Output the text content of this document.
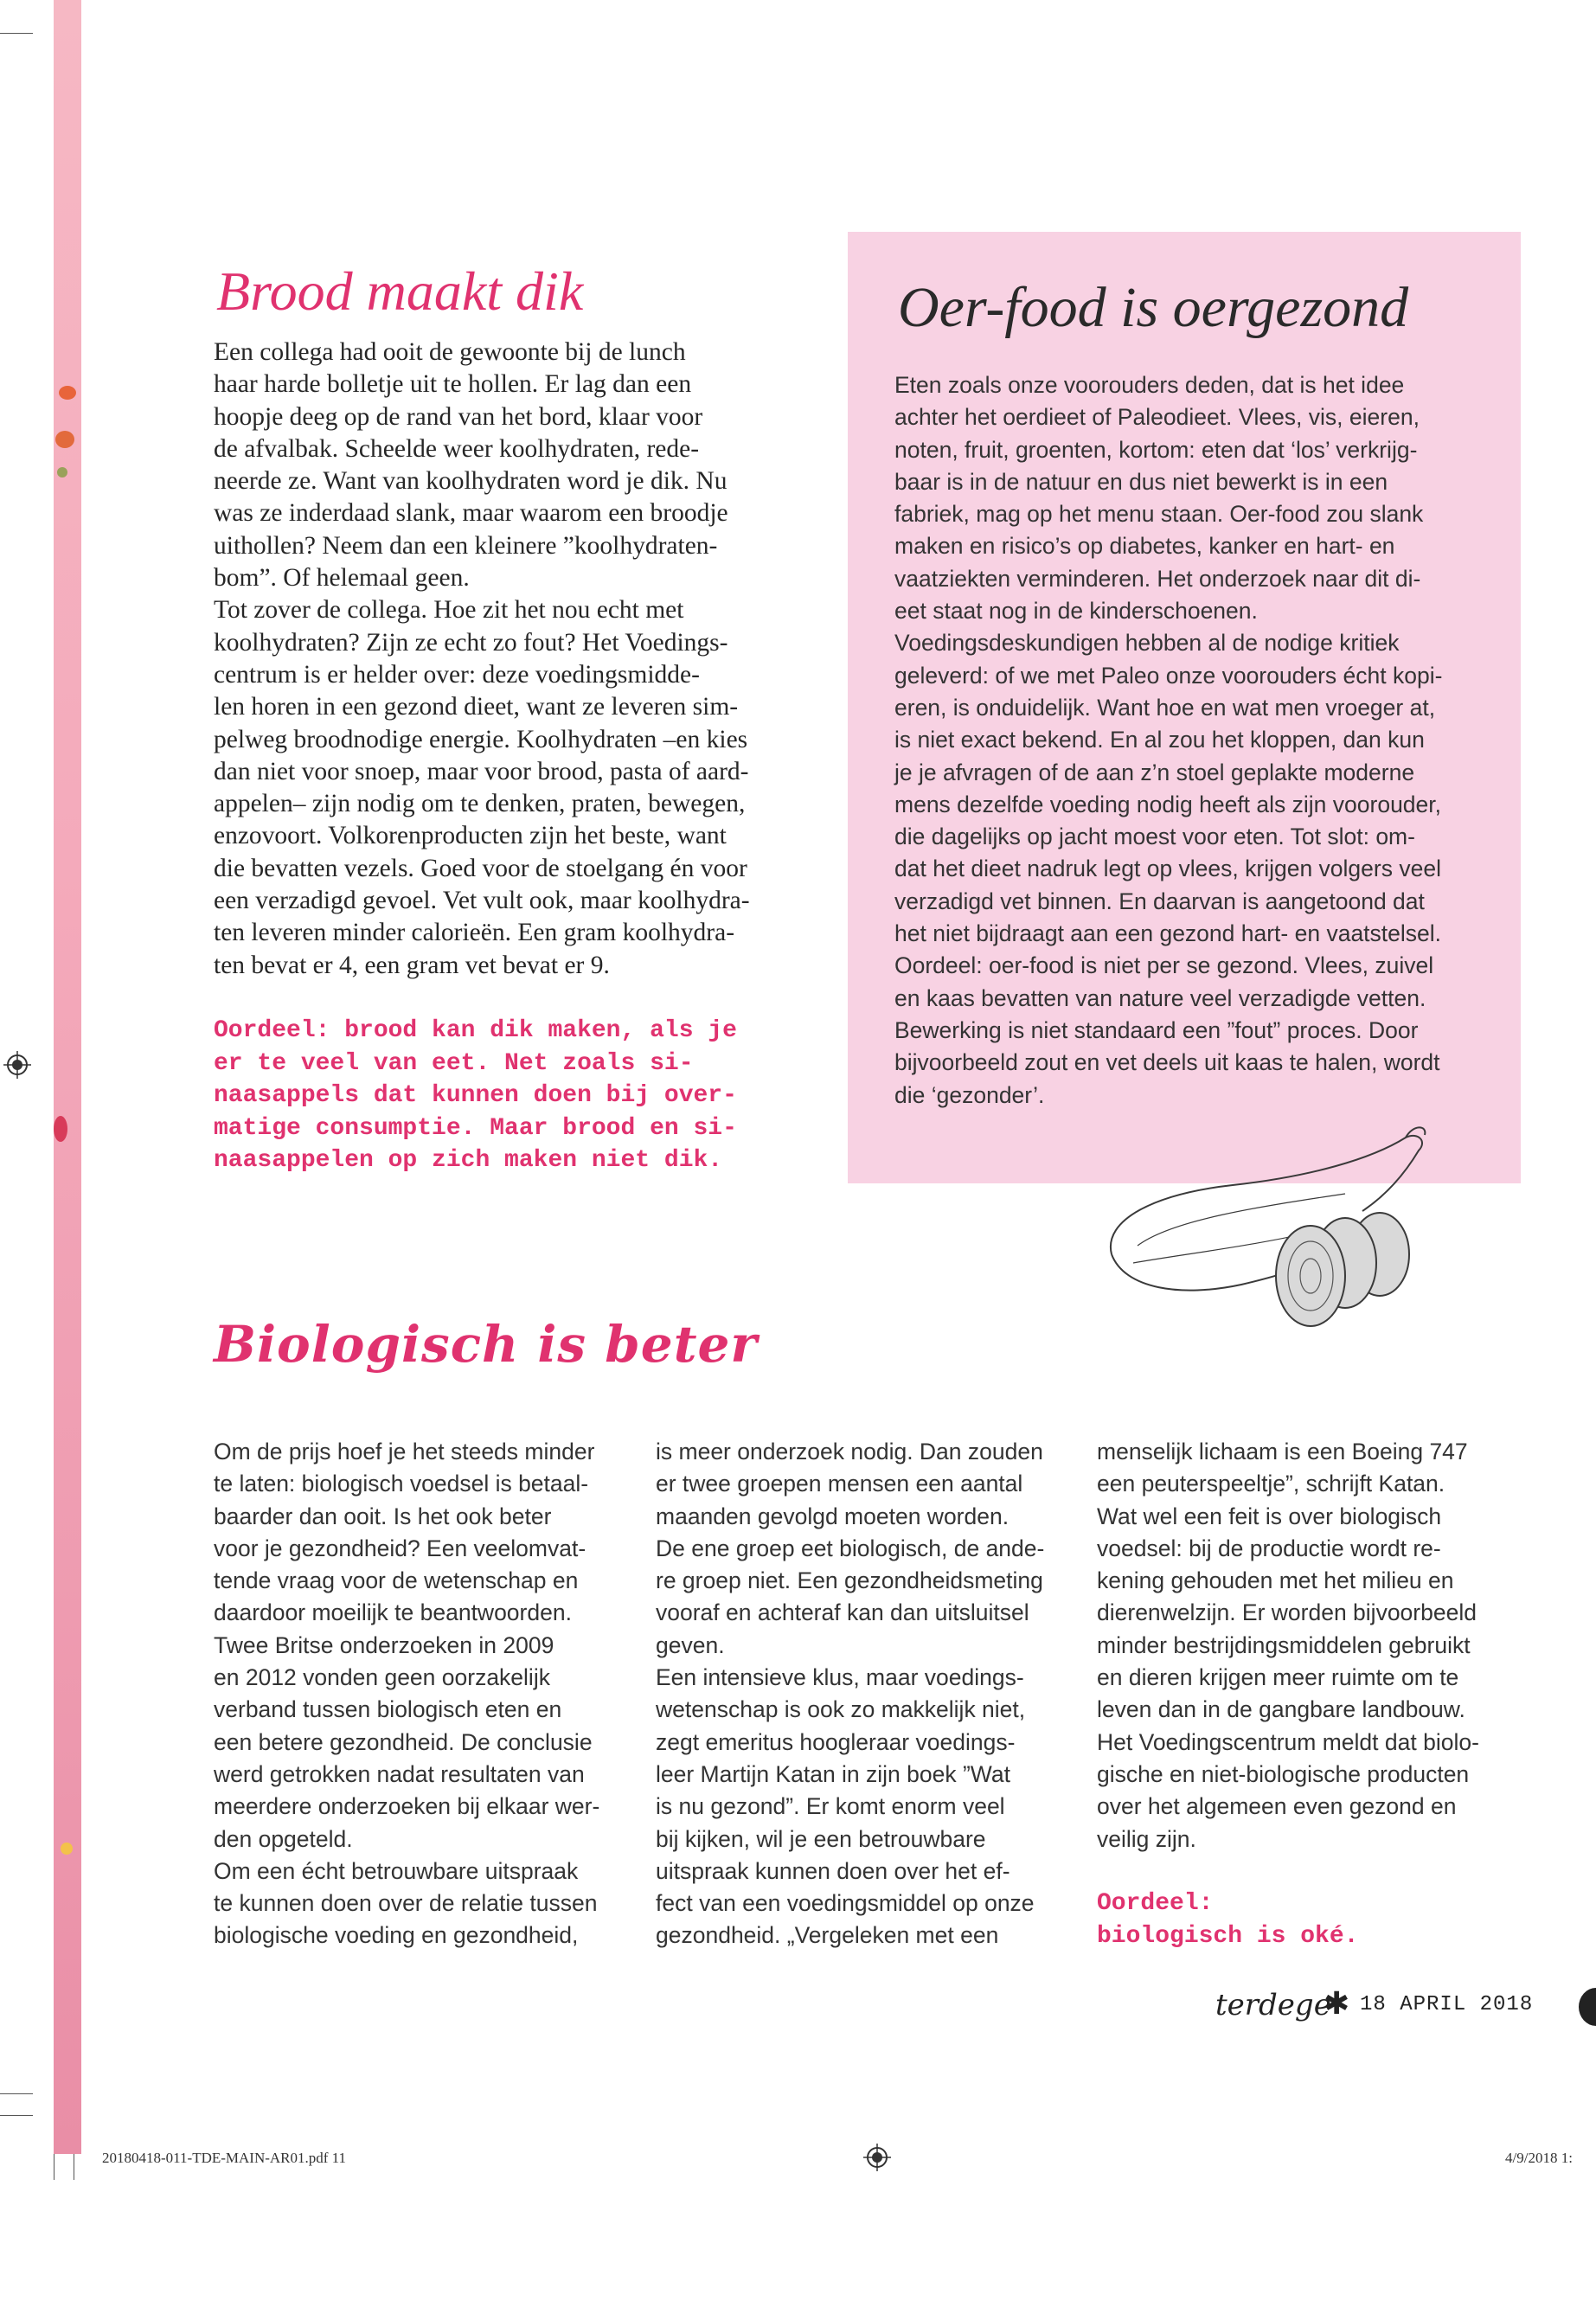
Brood maakt dik

Een collega had ooit de gewoonte bij de lunch
haar harde bolletje uit te hollen. Er lag dan een
hoopje deeg op de rand van het bord, klaar voor
de afvalbak. Scheelde weer koolhydraten, rede-
neerde ze. Want van koolhydraten word je dik. Nu
was ze inderdaad slank, maar waarom een broodje
uithollen? Neem dan een kleinere ”koolhydraten-
bom”. Of helemaal geen.
Tot zover de collega. Hoe zit het nou echt met
koolhydraten? Zijn ze echt zo fout? Het Voedings-
centrum is er helder over: deze voedingsmidde-
len horen in een gezond dieet, want ze leveren sim-
pelweg broodnodige energie. Koolhydraten –en kies
dan niet voor snoep, maar voor brood, pasta of aard-
appelen– zijn nodig om te denken, praten, bewegen,
enzovoort. Volkorenproducten zijn het beste, want
die bevatten vezels. Goed voor de stoelgang én voor
een verzadigd gevoel. Vet vult ook, maar koolhydra-
ten leveren minder calorieën. Een gram koolhydra-
ten bevat er 4, een gram vet bevat er 9.

Oordeel: brood kan dik maken, als je
er te veel van eet. Net zoals si-
naasappels dat kunnen doen bij over-
matige consumptie. Maar brood en si-
naasappelen op zich maken niet dik.

Oer-food is oergezond

Eten zoals onze voorouders deden, dat is het idee
achter het oerdieet of Paleodieet. Vlees, vis, eieren,
noten, fruit, groenten, kortom: eten dat ‘los’ verkrijg-
baar is in de natuur en dus niet bewerkt is in een
fabriek, mag op het menu staan. Oer-food zou slank
maken en risico’s op diabetes, kanker en hart- en
vaatziekten verminderen. Het onderzoek naar dit di-
eet staat nog in de kinderschoenen.
Voedingsdeskundigen hebben al de nodige kritiek
geleverd: of we met Paleo onze voorouders écht kopi-
eren, is onduidelijk. Want hoe en wat men vroeger at,
is niet exact bekend. En al zou het kloppen, dan kun
je je afvragen of de aan z’n stoel geplakte moderne
mens dezelfde voeding nodig heeft als zijn voorouder,
die dagelijks op jacht moest voor eten. Tot slot: om-
dat het dieet nadruk legt op vlees, krijgen volgers veel
verzadigd vet binnen. En daarvan is aangetoond dat
het niet bijdraagt aan een gezond hart- en vaatstelsel.
Oordeel: oer-food is niet per se gezond. Vlees, zuivel
en kaas bevatten van nature veel verzadigde vetten.
Bewerking is niet standaard een ”fout” proces. Door
bijvoorbeeld zout en vet deels uit kaas te halen, wordt
die ‘gezonder’.

Biologisch is beter

Om de prijs hoef je het steeds minder
te laten: biologisch voedsel is betaal-
baarder dan ooit. Is het ook beter
voor je gezondheid? Een veelomvat-
tende vraag voor de wetenschap en
daardoor moeilijk te beantwoorden.
Twee Britse onderzoeken in 2009
en 2012 vonden geen oorzakelijk
verband tussen biologisch eten en
een betere gezondheid. De conclusie
werd getrokken nadat resultaten van
meerdere onderzoeken bij elkaar wer-
den opgeteld.
Om een écht betrouwbare uitspraak
te kunnen doen over de relatie tussen
biologische voeding en gezondheid,

is meer onderzoek nodig. Dan zouden
er twee groepen mensen een aantal
maanden gevolgd moeten worden.
De ene groep eet biologisch, de ande-
re groep niet. Een gezondheidsmeting
vooraf en achteraf kan dan uitsluitsel
geven.
Een intensieve klus, maar voedings-
wetenschap is ook zo makkelijk niet,
zegt emeritus hoogleraar voedings-
leer Martijn Katan in zijn boek ”Wat
is nu gezond”. Er komt enorm veel
bij kijken, wil je een betrouwbare
uitspraak kunnen doen over het ef-
fect van een voedingsmiddel op onze
gezondheid. „Vergeleken met een

menselijk lichaam is een Boeing 747
een peuterspeeltje”, schrijft Katan.
Wat wel een feit is over biologisch
voedsel: bij de productie wordt re-
kening gehouden met het milieu en
dierenwelzijn. Er worden bijvoorbeeld
minder bestrijdingsmiddelen gebruikt
en dieren krijgen meer ruimte om te
leven dan in de gangbare landbouw.
Het Voedingscentrum meldt dat biolo-
gische en niet-biologische producten
over het algemeen even gezond en
veilig zijn.

Oordeel:
biologisch is oké.

terdege
✱ 18 APRIL 2018
20180418-011-TDE-MAIN-AR01.pdf 11	4/9/2018 1:
